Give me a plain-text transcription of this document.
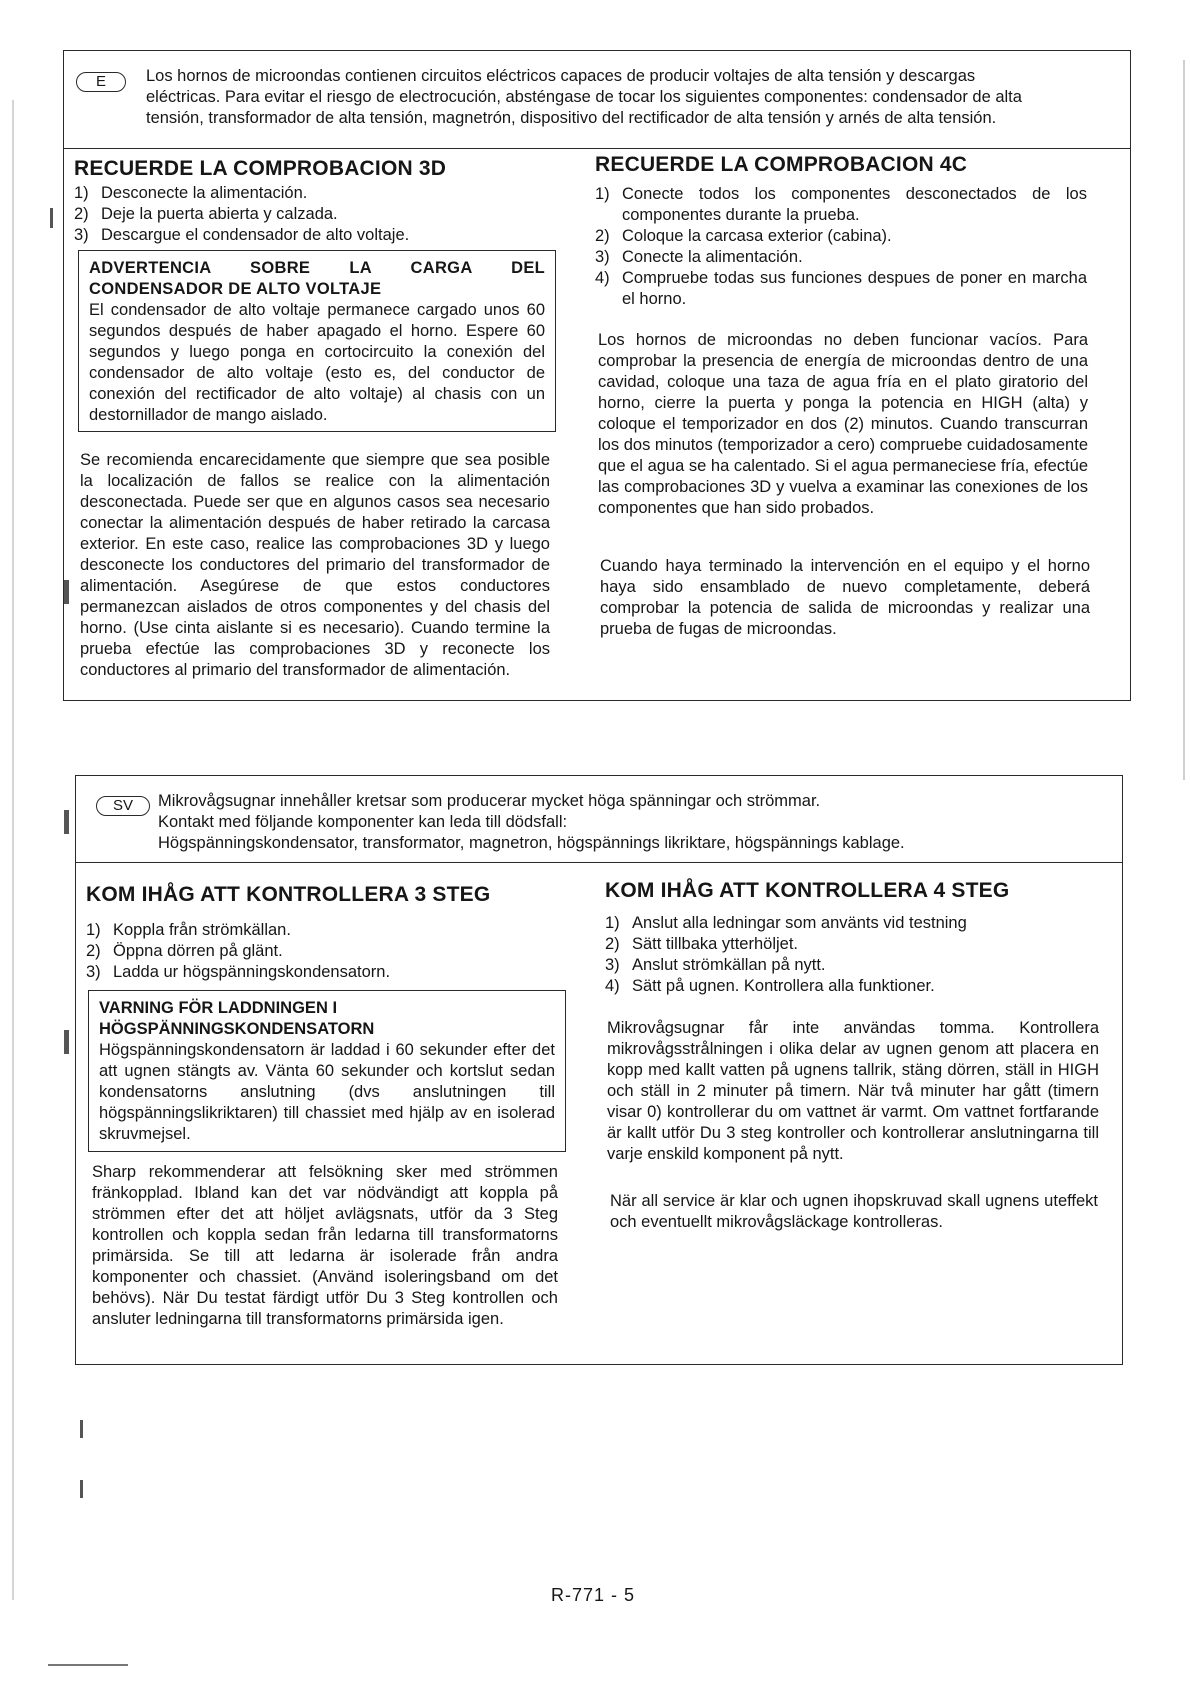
E	Los hornos de microondas contienen circuitos eléctricos capaces de producir voltajes de alta tensión y descargas
eléctricas. Para evitar el riesgo de electrocución, absténgase de tocar los siguientes componentes: condensador de alta
tensión, transformador de alta tensión, magnetrón, dispositivo del rectificador de alta tensión y arnés de alta tensión.
RECUERDE LA COMPROBACION 3D
1) Desconecte la alimentación.
2) Deje la puerta abierta y calzada.
3) Descargue el condensador de alto voltaje.
ADVERTENCIA SOBRE LA CARGA DEL CONDENSADOR DE ALTO VOLTAJE
El condensador de alto voltaje permanece cargado unos 60 segundos después de haber apagado el horno. Espere 60 segundos y luego ponga en cortocircuito la conexión del condensador de alto voltaje (esto es, del conductor de conexión del rectificador de alto voltaje) al chasis con un destornillador de mango aislado.
Se recomienda encarecidamente que siempre que sea posible la localización de fallos se realice con la alimentación desconectada. Puede ser que en algunos casos sea necesario conectar la alimentación después de haber retirado la carcasa exterior. En este caso, realice las comprobaciones 3D y luego desconecte los conductores del primario del transformador de alimentación. Asegúrese de que estos conductores permanezcan aislados de otros componentes y del chasis del horno. (Use cinta aislante si es necesario). Cuando termine la prueba efectúe las comprobaciones 3D y reconecte los conductores al primario del transformador de alimentación.
RECUERDE LA COMPROBACION 4C
1) Conecte todos los componentes desconectados de los componentes durante la prueba.
2) Coloque la carcasa exterior (cabina).
3) Conecte la alimentación.
4) Compruebe todas sus funciones despues de poner en marcha el horno.
Los hornos de microondas no deben funcionar vacíos. Para comprobar la presencia de energía de microondas dentro de una cavidad, coloque una taza de agua fría en el plato giratorio del horno, cierre la puerta y ponga la potencia en HIGH (alta) y coloque el temporizador en dos (2) minutos. Cuando transcurran los dos minutos (temporizador a cero) compruebe cuidadosamente que el agua se ha calentado. Si el agua permaneciese fría, efectúe las comprobaciones 3D y vuelva a examinar las conexiones de los componentes que han sido probados.
Cuando haya terminado la intervención en el equipo y el horno haya sido ensamblado de nuevo completamente, deberá comprobar la potencia de salida de microondas y realizar una prueba de fugas de microondas.
SV	Mikrovågsugnar innehåller kretsar som producerar mycket höga spänningar och strömmar.
Kontakt med följande komponenter kan leda till dödsfall:
Högspänningskondensator, transformator, magnetron, högspännings likriktare, högspännings kablage.
KOM IHÅG ATT KONTROLLERA 3 STEG
1) Koppla från strömkällan.
2) Öppna dörren på glänt.
3) Ladda ur högspänningskondensatorn.
VARNING FÖR LADDNINGEN I HÖGSPÄNNINGSKONDENSATORN
Högspänningskondensatorn är laddad i 60 sekunder efter det att ugnen stängts av. Vänta 60 sekunder och kortslut sedan kondensatorns anslutning (dvs anslutningen till högspänningslikriktaren) till chassiet med hjälp av en isolerad skruvmejsel.
Sharp rekommenderar att felsökning sker med strömmen fränkopplad. Ibland kan det var nödvändigt att koppla på strömmen efter det att höljet avlägsnats, utför da 3 Steg kontrollen och koppla sedan från ledarna till transformatorns primärsida. Se till att ledarna är isolerade från andra komponenter och chassiet. (Använd isoleringsband om det behövs). När Du testat färdigt utför Du 3 Steg kontrollen och ansluter ledningarna till transformatorns primärsida igen.
KOM IHÅG ATT KONTROLLERA 4 STEG
1) Anslut alla ledningar som använts vid testning
2) Sätt tillbaka ytterhöljet.
3) Anslut strömkällan på nytt.
4) Sätt på ugnen. Kontrollera alla funktioner.
Mikrovågsugnar får inte användas tomma. Kontrollera mikrovågsstrålningen i olika delar av ugnen genom att placera en kopp med kallt vatten på ugnens tallrik, stäng dörren, ställ in HIGH och ställ in 2 minuter på timern. När två minuter har gått (timern visar 0) kontrollerar du om vattnet är varmt. Om vattnet fortfarande är kallt utför Du 3 steg kontroller och kontrollerar anslutningarna till varje enskild komponent på nytt.
När all service är klar och ugnen ihopskruvad skall ugnens uteffekt och eventuellt mikrovågsläckage kontrolleras.
R-771 - 5
